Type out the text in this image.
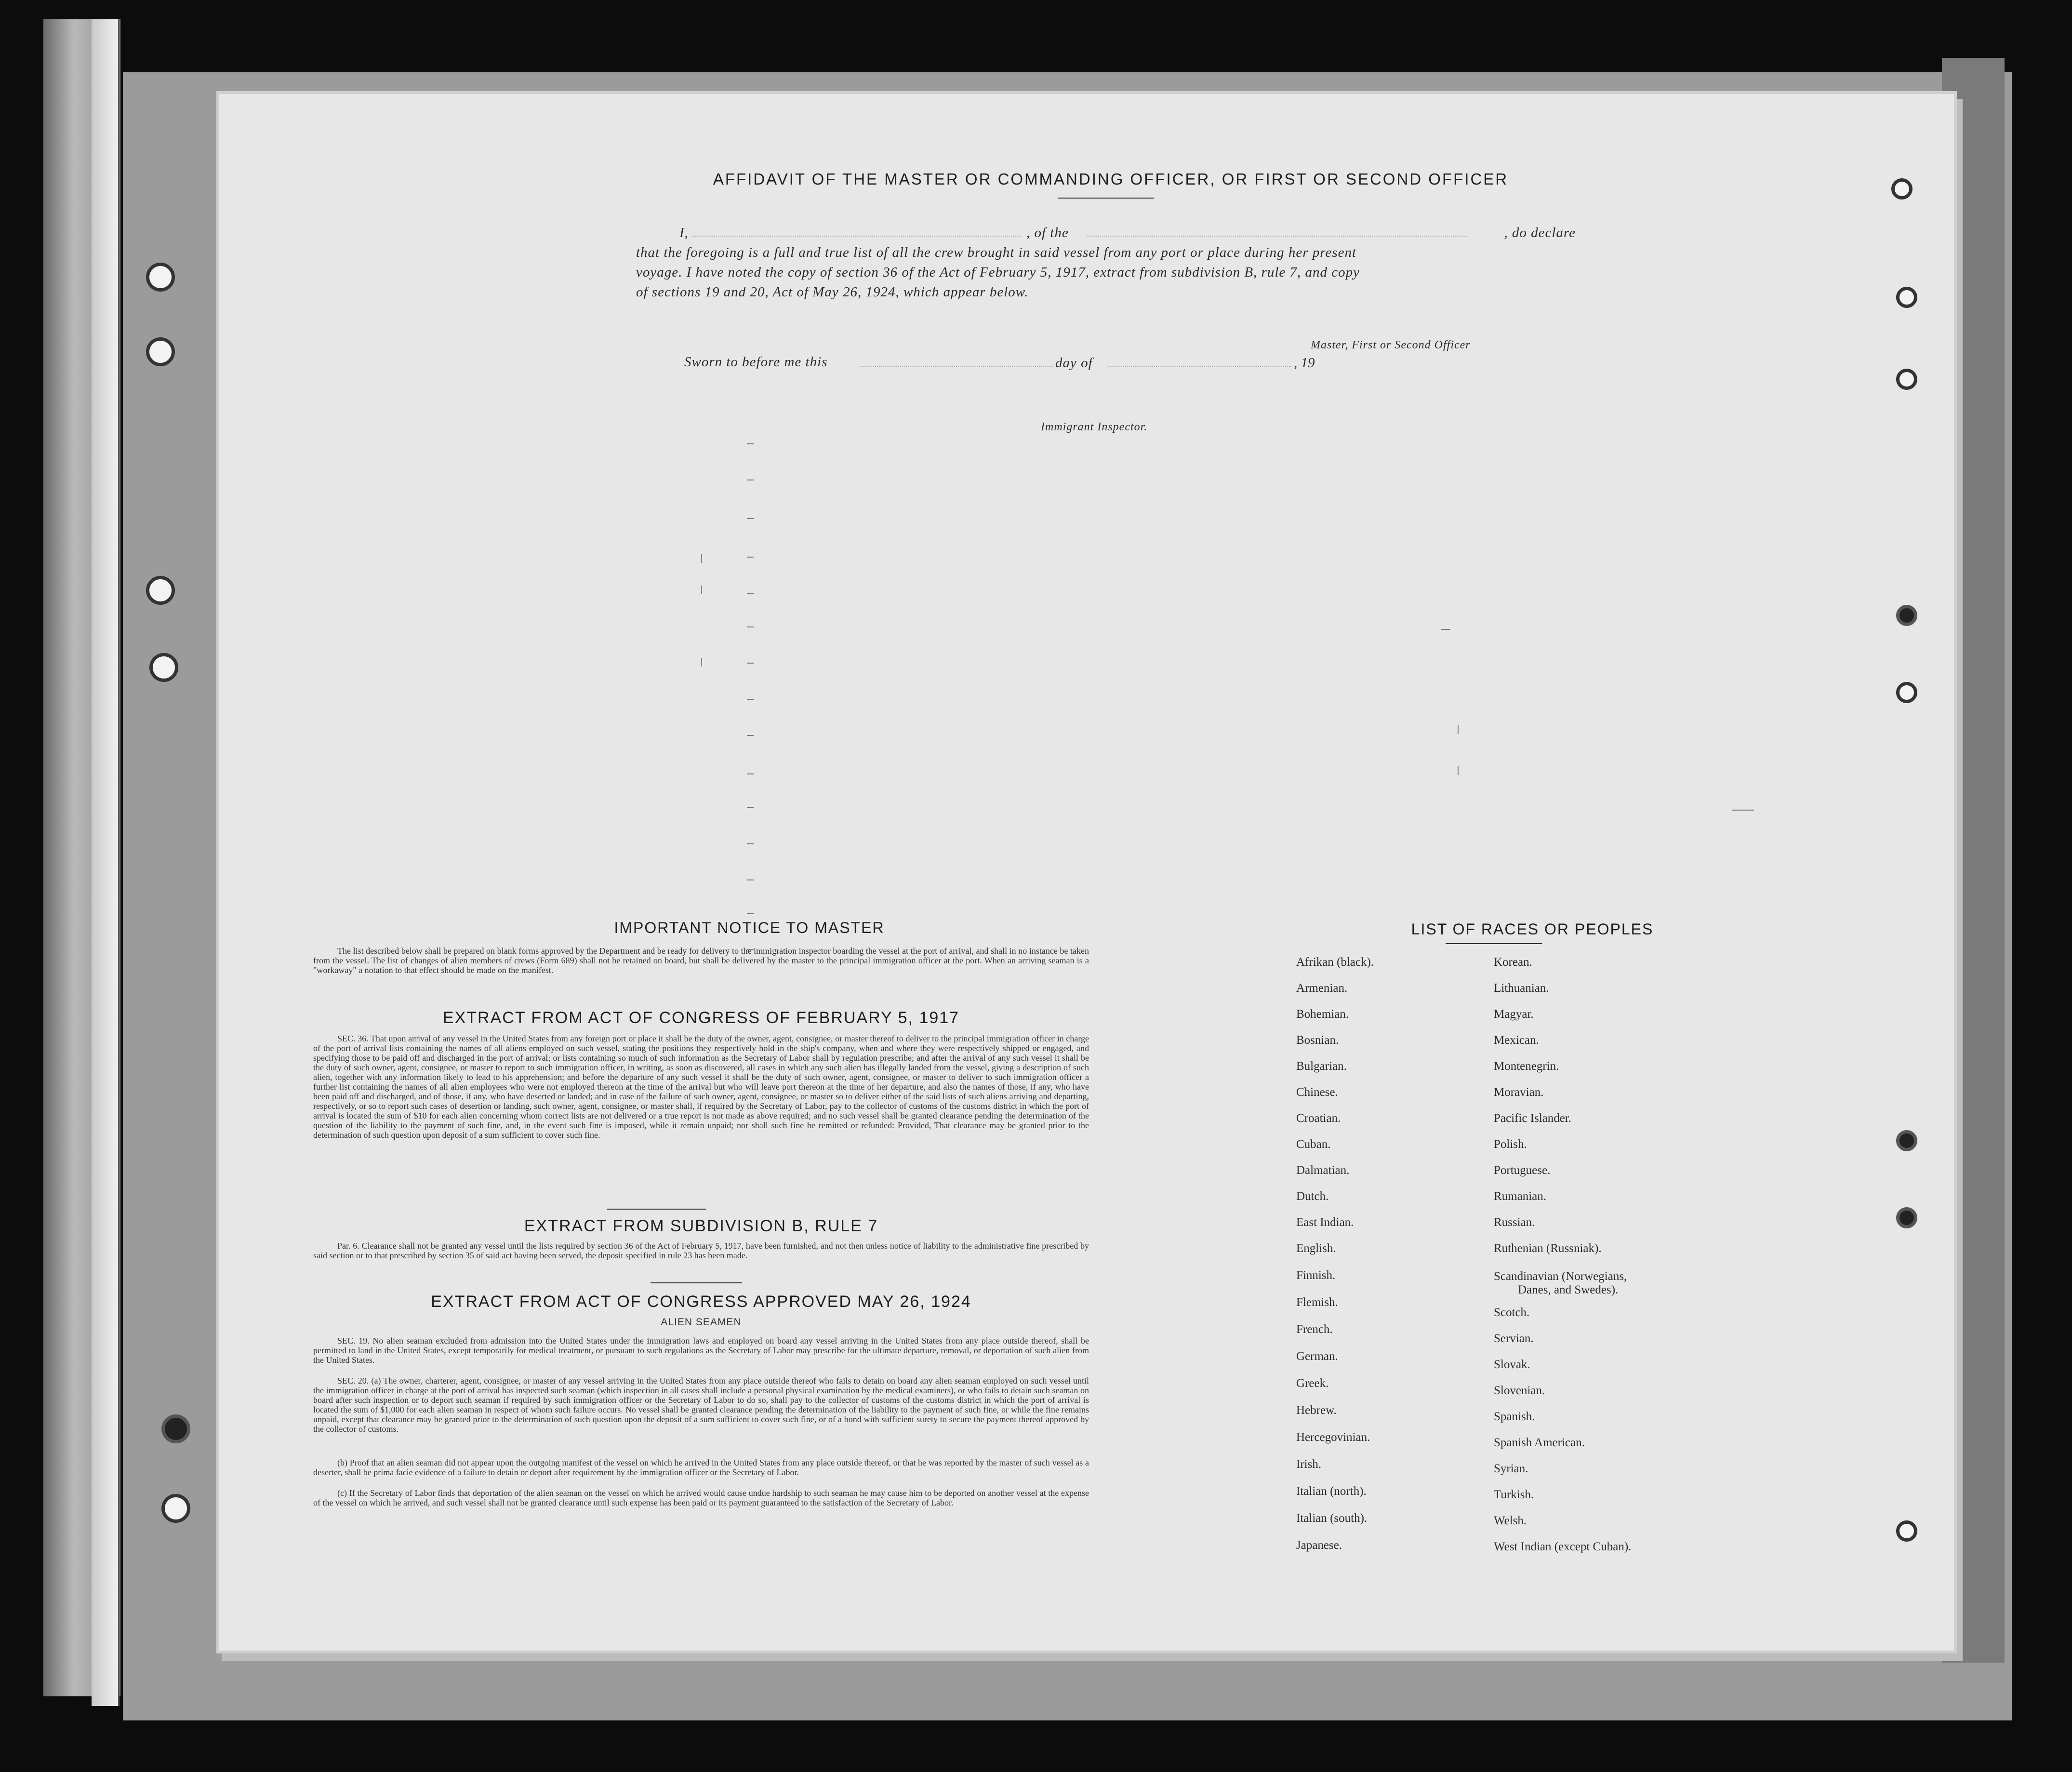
AFFIDAVIT OF THE MASTER OR COMMANDING OFFICER, OR FIRST OR SECOND OFFICER
I,	, of the	, do declare
that the foregoing is a full and true list of all the crew brought in said vessel from any port or place during her present
voyage. I have noted the copy of section 36 of the Act of February 5, 1917, extract from subdivision B, rule 7, and copy
of sections 19 and 20, Act of May 26, 1924, which appear below.
Master, First or Second Officer
Sworn to before me this	day of	, 19
Immigrant Inspector.
IMPORTANT NOTICE TO MASTER
The list described below shall be prepared on blank forms approved by the Department and be ready for delivery to the immigration inspector boarding the vessel at the port of arrival, and shall in no instance be taken from the vessel. The list of changes of alien members of crews (Form 689) shall not be retained on board, but shall be delivered by the master to the principal immigration officer at the port. When an arriving seaman is a "workaway" a notation to that effect should be made on the manifest.
EXTRACT FROM ACT OF CONGRESS OF FEBRUARY 5, 1917
SEC. 36. That upon arrival of any vessel in the United States from any foreign port or place it shall be the duty of the owner, agent, consignee, or master thereof to deliver to the principal immigration officer in charge of the port of arrival lists containing the names of all aliens employed on such vessel, stating the positions they respectively hold in the ship's company, when and where they were respectively shipped or engaged, and specifying those to be paid off and discharged in the port of arrival; or lists containing so much of such information as the Secretary of Labor shall by regulation prescribe; and after the arrival of any such vessel it shall be the duty of such owner, agent, consignee, or master to report to such immigration officer, in writing, as soon as discovered, all cases in which any such alien has illegally landed from the vessel, giving a description of such alien, together with any information likely to lead to his apprehension; and before the departure of any such vessel it shall be the duty of such owner, agent, consignee, or master to deliver to such immigration officer a further list containing the names of all alien employees who were not employed thereon at the time of the arrival but who will leave port thereon at the time of her departure, and also the names of those, if any, who have been paid off and discharged, and of those, if any, who have deserted or landed; and in case of the failure of such owner, agent, consignee, or master so to deliver either of the said lists of such aliens arriving and departing, respectively, or so to report such cases of desertion or landing, such owner, agent, consignee, or master shall, if required by the Secretary of Labor, pay to the collector of customs of the customs district in which the port of arrival is located the sum of $10 for each alien concerning whom correct lists are not delivered or a true report is not made as above required; and no such vessel shall be granted clearance pending the determination of the question of the liability to the payment of such fine, and, in the event such fine is imposed, while it remain unpaid; nor shall such fine be remitted or refunded: Provided, That clearance may be granted prior to the determination of such question upon deposit of a sum sufficient to cover such fine.
EXTRACT FROM SUBDIVISION B, RULE 7
Par. 6. Clearance shall not be granted any vessel until the lists required by section 36 of the Act of February 5, 1917, have been furnished, and not then unless notice of liability to the administrative fine prescribed by said section or to that prescribed by section 35 of said act having been served, the deposit specified in rule 23 has been made.
EXTRACT FROM ACT OF CONGRESS APPROVED MAY 26, 1924
ALIEN SEAMEN
SEC. 19. No alien seaman excluded from admission into the United States under the immigration laws and employed on board any vessel arriving in the United States from any place outside thereof, shall be permitted to land in the United States, except temporarily for medical treatment, or pursuant to such regulations as the Secretary of Labor may prescribe for the ultimate departure, removal, or deportation of such alien from the United States.
SEC. 20. (a) The owner, charterer, agent, consignee, or master of any vessel arriving in the United States from any place outside thereof who fails to detain on board any alien seaman employed on such vessel until the immigration officer in charge at the port of arrival has inspected such seaman (which inspection in all cases shall include a personal physical examination by the medical examiners), or who fails to detain such seaman on board after such inspection or to deport such seaman if required by such immigration officer or the Secretary of Labor to do so, shall pay to the collector of customs of the customs district in which the port of arrival is located the sum of $1,000 for each alien seaman in respect of whom such failure occurs. No vessel shall be granted clearance pending the determination of the liability to the payment of such fine, or while the fine remains unpaid, except that clearance may be granted prior to the determination of such question upon the deposit of a sum sufficient to cover such fine, or of a bond with sufficient surety to secure the payment thereof approved by the collector of customs.
(b) Proof that an alien seaman did not appear upon the outgoing manifest of the vessel on which he arrived in the United States from any place outside thereof, or that he was reported by the master of such vessel as a deserter, shall be prima facie evidence of a failure to detain or deport after requirement by the immigration officer or the Secretary of Labor.
(c) If the Secretary of Labor finds that deportation of the alien seaman on the vessel on which he arrived would cause undue hardship to such seaman he may cause him to be deported on another vessel at the expense of the vessel on which he arrived, and such vessel shall not be granted clearance until such expense has been paid or its payment guaranteed to the satisfaction of the Secretary of Labor.
LIST OF RACES OR PEOPLES
Afrikan (black).
Armenian.
Bohemian.
Bosnian.
Bulgarian.
Chinese.
Croatian.
Cuban.
Dalmatian.
Dutch.
East Indian.
English.
Finnish.
Flemish.
French.
German.
Greek.
Hebrew.
Hercegovinian.
Irish.
Italian (north).
Italian (south).
Japanese.
Korean.
Lithuanian.
Magyar.
Mexican.
Montenegrin.
Moravian.
Pacific Islander.
Polish.
Portuguese.
Rumanian.
Russian.
Ruthenian (Russniak).
Scandinavian (Norwegians,
Danes, and Swedes).
Scotch.
Servian.
Slovak.
Slovenian.
Spanish.
Spanish American.
Syrian.
Turkish.
Welsh.
West Indian (except Cuban).
